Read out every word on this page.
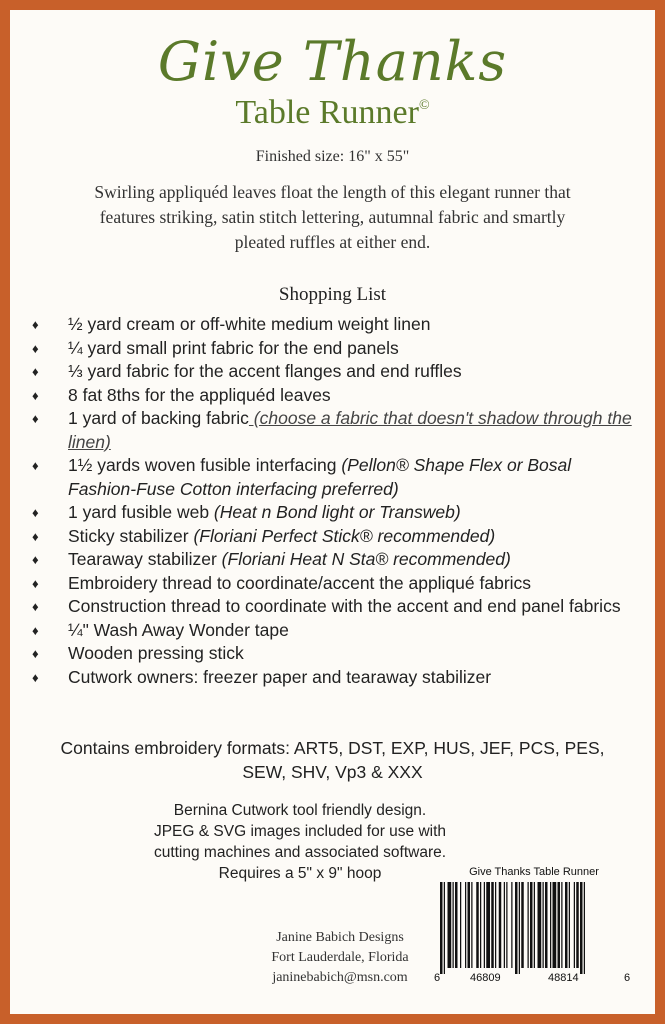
Give Thanks
Table Runner©
Finished size: 16" x 55"
Swirling appliquéd leaves float the length of this elegant runner that features striking, satin stitch lettering, autumnal fabric and smartly pleated ruffles at either end.
Shopping List
♦ ½ yard cream or off-white medium weight linen
♦ ¼ yard small print fabric for the end panels
♦ ⅓ yard fabric for the accent flanges and end ruffles
♦ 8 fat 8ths for the appliquéd leaves
♦ 1 yard of backing fabric (choose a fabric that doesn't shadow through the linen)
♦ 1½ yards woven fusible interfacing (Pellon® Shape Flex or Bosal Fashion-Fuse Cotton interfacing preferred)
♦ 1 yard fusible web (Heat n Bond light or Transweb)
♦ Sticky stabilizer (Floriani Perfect Stick® recommended)
♦ Tearaway stabilizer (Floriani Heat N Sta® recommended)
♦ Embroidery thread to coordinate/accent the appliqué fabrics
♦ Construction thread to coordinate with the accent and end panel fabrics
♦ ¼" Wash Away Wonder tape
♦ Wooden pressing stick
♦ Cutwork owners: freezer paper and tearaway stabilizer
Contains embroidery formats: ART5, DST, EXP, HUS, JEF, PCS, PES, SEW, SHV, Vp3 & XXX
Bernina Cutwork tool friendly design.
JPEG & SVG images included for use with
cutting machines and associated software.
Requires a 5" x 9" hoop
Janine Babich Designs
Fort Lauderdale, Florida
janinebabich@msn.com
Give Thanks Table Runner
6	46809	48814	6
